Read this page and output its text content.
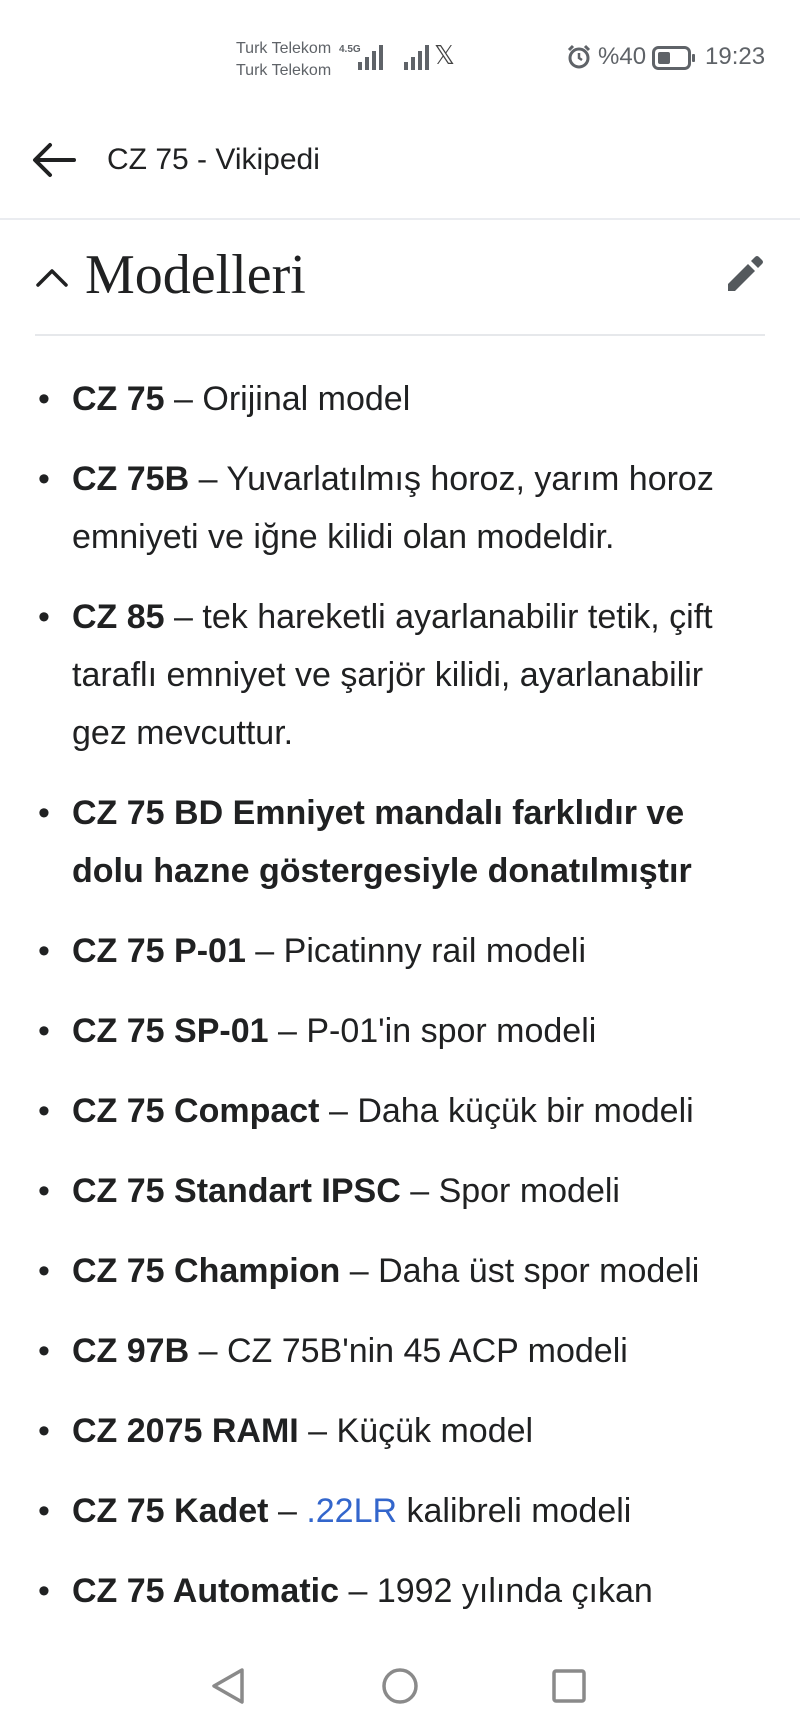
Turk Telekom
Turk Telekom
4.5G	𝕏	%40 19:23
CZ 75 - Vikipedi
Modelleri
• CZ 75 – Orijinal model
• CZ 75B – Yuvarlatılmış horoz, yarım horoz emniyeti ve iğne kilidi olan modeldir.
• CZ 85 – tek hareketli ayarlanabilir tetik, çift taraflı emniyet ve şarjör kilidi, ayarlanabilir gez mevcuttur.
• CZ 75 BD Emniyet mandalı farklıdır ve dolu hazne göstergesiyle donatılmıştır
• CZ 75 P-01 – Picatinny rail modeli
• CZ 75 SP-01 – P-01'in spor modeli
• CZ 75 Compact – Daha küçük bir modeli
• CZ 75 Standart IPSC – Spor modeli
• CZ 75 Champion – Daha üst spor modeli
• CZ 97B – CZ 75B'nin 45 ACP modeli
• CZ 2075 RAMI – Küçük model
• CZ 75 Kadet – .22LR kalibreli modeli
• CZ 75 Automatic – 1992 yılında çıkan
